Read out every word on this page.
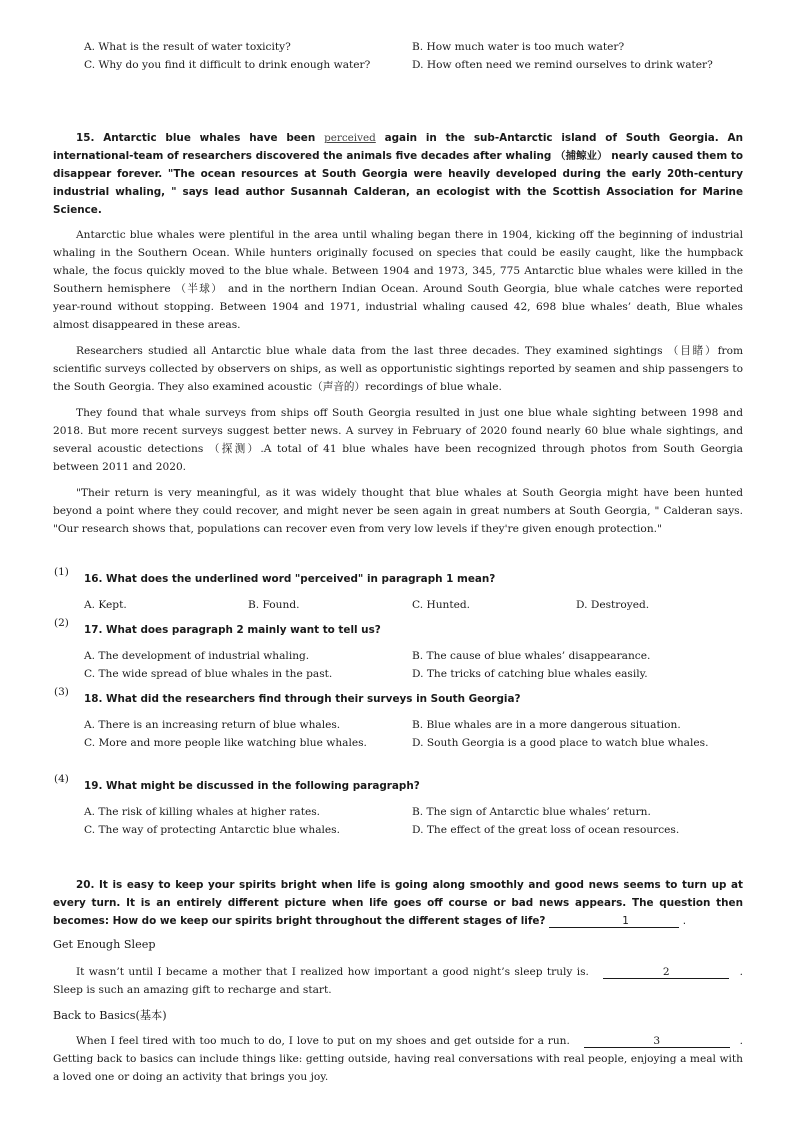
A. What is the result of water toxicity?	B. How much water is too much water?
C. Why do you find it difficult to drink enough water?	D. How often need we remind ourselves to drink water?
15. Antarctic blue whales have been perceived again in the sub-Antarctic island of South Georgia. An international-team of researchers discovered the animals five decades after whaling （捕鲸业） nearly caused them to disappear forever. "The ocean resources at South Georgia were heavily developed during the early 20th-century industrial whaling, " says lead author Susannah Calderan, an ecologist with the Scottish Association for Marine Science.

Antarctic blue whales were plentiful in the area until whaling began there in 1904, kicking off the beginning of industrial whaling in the Southern Ocean. While hunters originally focused on species that could be easily caught, like the humpback whale, the focus quickly moved to the blue whale. Between 1904 and 1973, 345, 775 Antarctic blue whales were killed in the Southern hemisphere （半球） and in the northern Indian Ocean. Around South Georgia, blue whale catches were reported year-round without stopping. Between 1904 and 1971, industrial whaling caused 42, 698 blue whales’ death, Blue whales almost disappeared in these areas.

Researchers studied all Antarctic blue whale data from the last three decades. They examined sightings （目睹）from scientific surveys collected by observers on ships, as well as opportunistic sightings reported by seamen and ship passengers to the South Georgia. They also examined acoustic（声音的）recordings of blue whale.

They found that whale surveys from ships off South Georgia resulted in just one blue whale sighting between 1998 and 2018. But more recent surveys suggest better news. A survey in February of 2020 found nearly 60 blue whale sightings, and several acoustic detections （探测）.A total of 41 blue whales have been recognized through photos from South Georgia between 2011 and 2020.

"Their return is very meaningful, as it was widely thought that blue whales at South Georgia might have been hunted beyond a point where they could recover, and might never be seen again in great numbers at South Georgia, " Calderan says. "Our research shows that, populations can recover even from very low levels if they're given enough protection."

(1)
16. What does the underlined word "perceived" in paragraph 1 mean?
A. Kept.	B. Found.	C. Hunted.	D. Destroyed.
(2)
17. What does paragraph 2 mainly want to tell us?
A. The development of industrial whaling.	B. The cause of blue whales’ disappearance.
C. The wide spread of blue whales in the past.	D. The tricks of catching blue whales easily.
(3)
18. What did the researchers find through their surveys in South Georgia?
A. There is an increasing return of blue whales.	B. Blue whales are in a more dangerous situation.
C. More and more people like watching blue whales.	D. South Georgia is a good place to watch blue whales.
(4)
19. What might be discussed in the following paragraph?
A. The risk of killing whales at higher rates.	B. The sign of Antarctic blue whales’ return.
C. The way of protecting Antarctic blue whales.	D. The effect of the great loss of ocean resources.
20. It is easy to keep your spirits bright when life is going along smoothly and good news seems to turn up at every turn. It is an entirely different picture when life goes off course or bad news appears. The question then becomes: How do we keep our spirits bright throughout the different stages of life?	1	.
Get Enough Sleep

It wasn’t until I became a mother that I realized how important a good night’s sleep truly is.	2	. Sleep is such an amazing gift to recharge and start.

Back to Basics(基本)

When I feel tired with too much to do, I love to put on my shoes and get outside for a run.	3	. Getting back to basics can include things like: getting outside, having real conversations with real people, enjoying a meal with a loved one or doing an activity that brings you joy.
